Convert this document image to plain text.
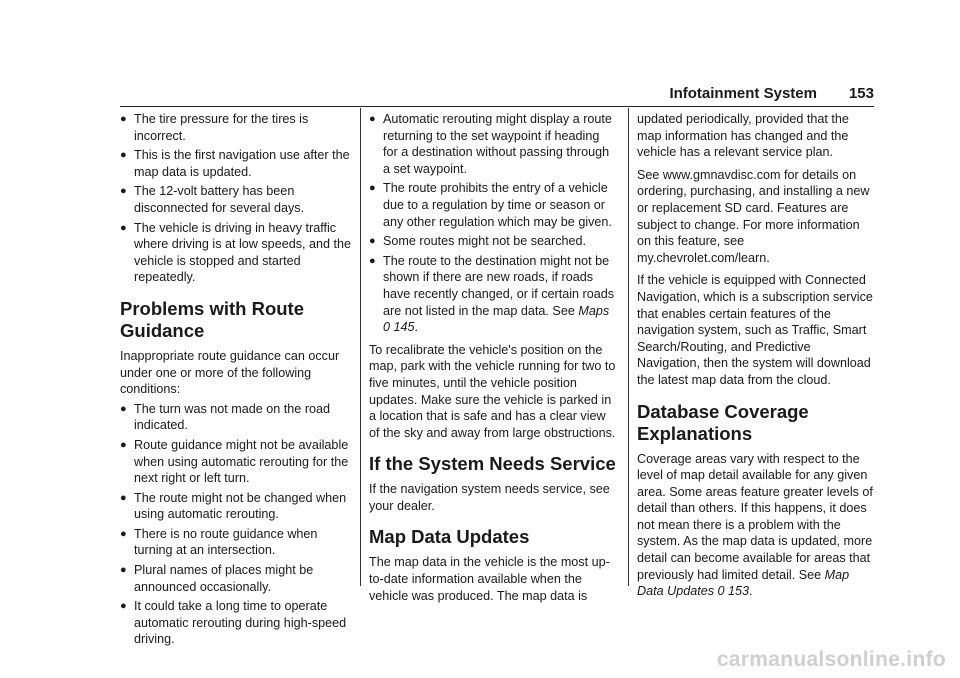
Infotainment System 153
● The tire pressure for the tires is incorrect.
● This is the first navigation use after the map data is updated.
● The 12-volt battery has been disconnected for several days.
● The vehicle is driving in heavy traffic where driving is at low speeds, and the vehicle is stopped and started repeatedly.
Problems with Route Guidance

Inappropriate route guidance can occur under one or more of the following conditions:

● The turn was not made on the road indicated.
● Route guidance might not be available when using automatic rerouting for the next right or left turn.
● The route might not be changed when using automatic rerouting.
● There is no route guidance when turning at an intersection.
● Plural names of places might be announced occasionally.
● It could take a long time to operate automatic rerouting during high-speed driving.
● Automatic rerouting might display a route returning to the set waypoint if heading for a destination without passing through a set waypoint.
● The route prohibits the entry of a vehicle due to a regulation by time or season or any other regulation which may be given.
● Some routes might not be searched.
● The route to the destination might not be shown if there are new roads, if roads have recently changed, or if certain roads are not listed in the map data. See Maps
0 145.

To recalibrate the vehicle's position on the map, park with the vehicle running for two to five minutes, until the vehicle position updates. Make sure the vehicle is parked in a location that is safe and has a clear view of the sky and away from large obstructions.

If the System Needs Service

If the navigation system needs service, see your dealer.

Map Data Updates

The map data in the vehicle is the most up-to-date information available when the vehicle was produced. The map data is

updated periodically, provided that the map information has changed and the vehicle has a relevant service plan.

See www.gmnavdisc.com for details on ordering, purchasing, and installing a new or replacement SD card. Features are subject to change. For more information on this feature, see my.chevrolet.com/learn.

If the vehicle is equipped with Connected Navigation, which is a subscription service that enables certain features of the navigation system, such as Traffic, Smart Search/Routing, and Predictive Navigation, then the system will download the latest map data from the cloud.

Database Coverage Explanations

Coverage areas vary with respect to the level of map detail available for any given area. Some areas feature greater levels of detail than others. If this happens, it does not mean there is a problem with the system. As the map data is updated, more detail can become available for areas that previously had limited detail. See Map Data Updates 0 153.

carmanualsonline.info
